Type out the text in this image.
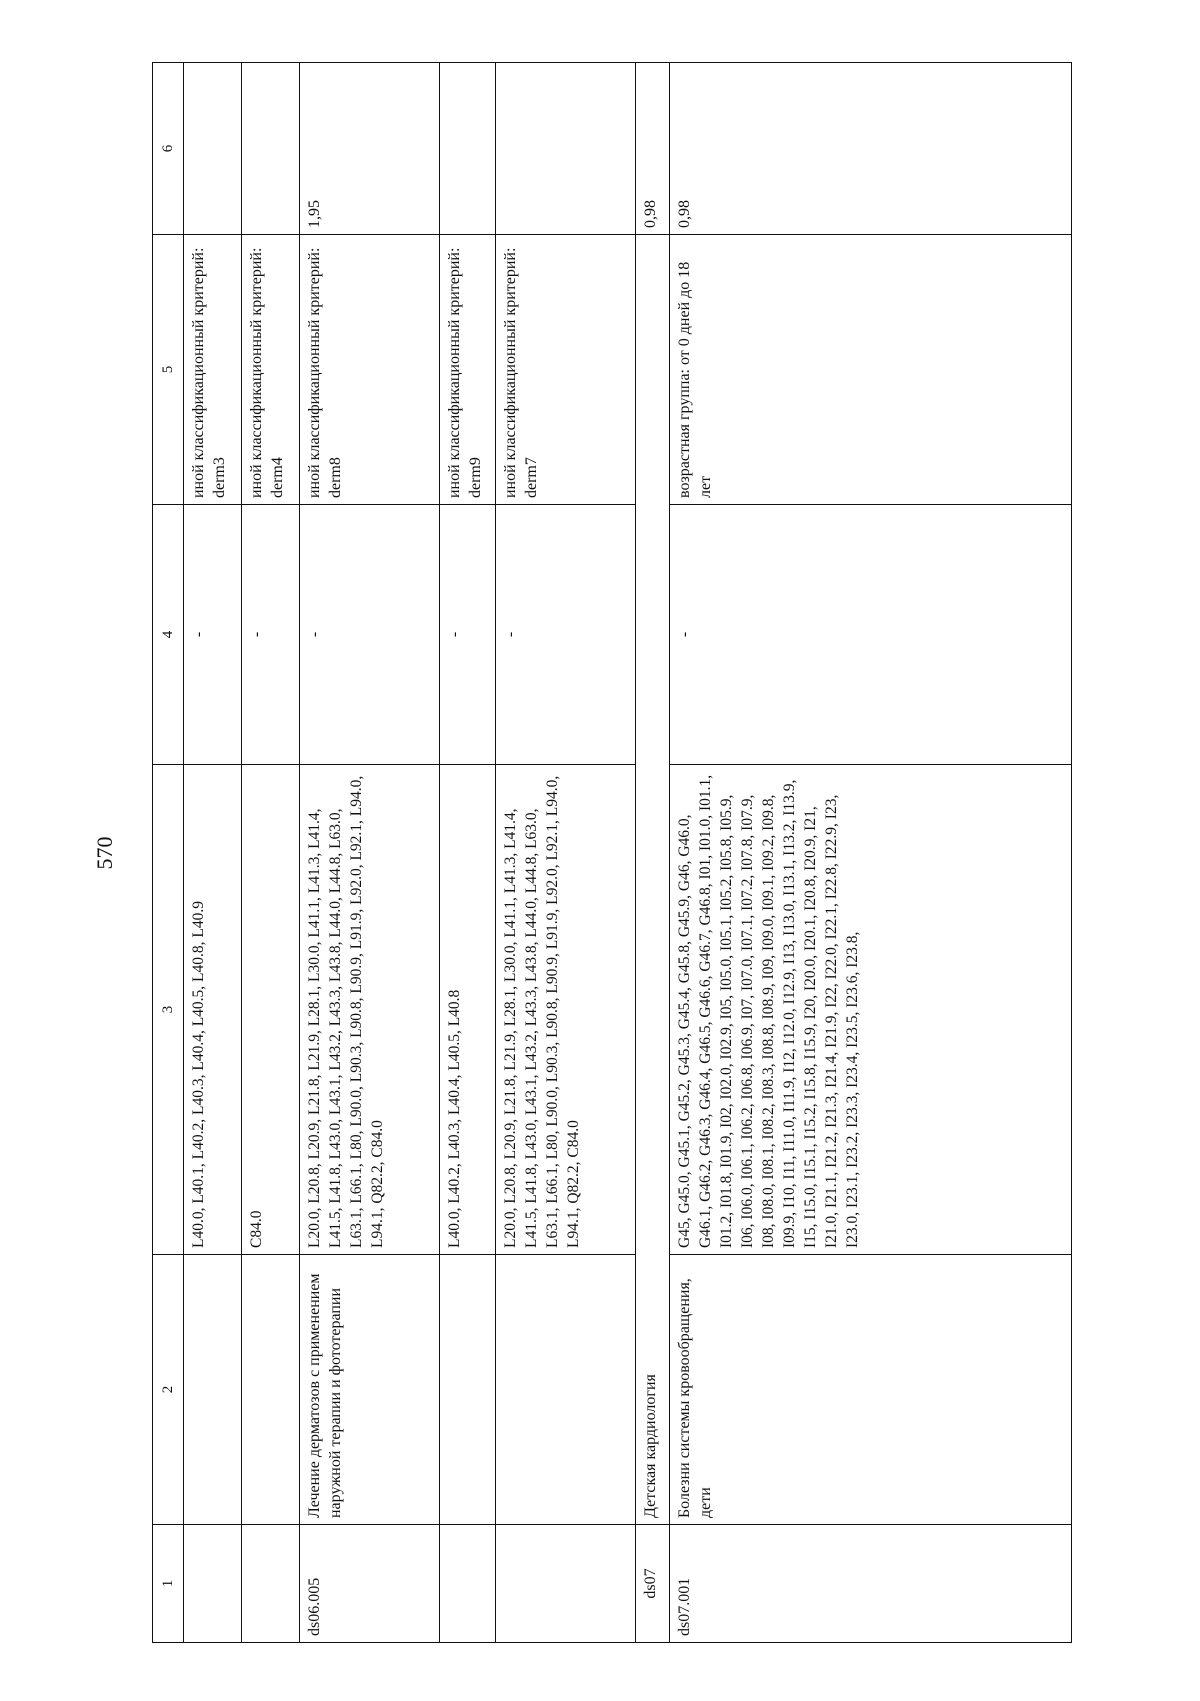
570
1	2	3	4	5	6
		L40.0, L40.1, L40.2, L40.3, L40.4, L40.5, L40.8, L40.9	-	иной классификационный критерий: derm3	
		C84.0	-	иной классификационный критерий: derm4	
ds06.005	Лечение дерматозов с применением наружной терапии и фототерапии	L20.0, L20.8, L20.9, L21.8, L21.9, L28.1, L30.0, L41.1, L41.3, L41.4, L41.5, L41.8, L43.0, L43.1, L43.2, L43.3, L43.8, L44.0, L44.8, L63.0, L63.1, L66.1, L80, L90.0, L90.3, L90.8, L90.9, L91.9, L92.0, L92.1, L94.0, L94.1, Q82.2, C84.0	-	иной классификационный критерий: derm8	1,95
		L40.0, L40.2, L40.3, L40.4, L40.5, L40.8	-	иной классификационный критерий: derm9	
		L20.0, L20.8, L20.9, L21.8, L21.9, L28.1, L30.0, L41.1, L41.3, L41.4, L41.5, L41.8, L43.0, L43.1, L43.2, L43.3, L43.8, L44.0, L44.8, L63.0, L63.1, L66.1, L80, L90.0, L90.3, L90.8, L90.9, L91.9, L92.0, L92.1, L94.0, L94.1, Q82.2, C84.0	-	иной классификационный критерий: derm7	
ds07	Детская кардиология				0,98
ds07.001	Болезни системы кровообращения, дети	G45, G45.0, G45.1, G45.2, G45.3, G45.4, G45.8, G45.9, G46, G46.0, G46.1, G46.2, G46.3, G46.4, G46.5, G46.6, G46.7, G46.8, I01, I01.0, I01.1, I01.2, I01.8, I01.9, I02, I02.0, I02.9, I05, I05.0, I05.1, I05.2, I05.8, I05.9, I06, I06.0, I06.1, I06.2, I06.8, I06.9, I07, I07.0, I07.1, I07.2, I07.8, I07.9, I08, I08.0, I08.1, I08.2, I08.3, I08.8, I08.9, I09, I09.0, I09.1, I09.2, I09.8, I09.9, I10, I11, I11.0, I11.9, I12, I12.0, I12.9, I13, I13.0, I13.1, I13.2, I13.9, I15, I15.0, I15.1, I15.2, I15.8, I15.9, I20, I20.0, I20.1, I20.8, I20.9, I21, I21.0, I21.1, I21.2, I21.3, I21.4, I21.9, I22, I22.0, I22.1, I22.8, I22.9, I23, I23.0, I23.1, I23.2, I23.3, I23.4, I23.5, I23.6, I23.8,	-	возрастная группа: от 0 дней до 18 лет	0,98
